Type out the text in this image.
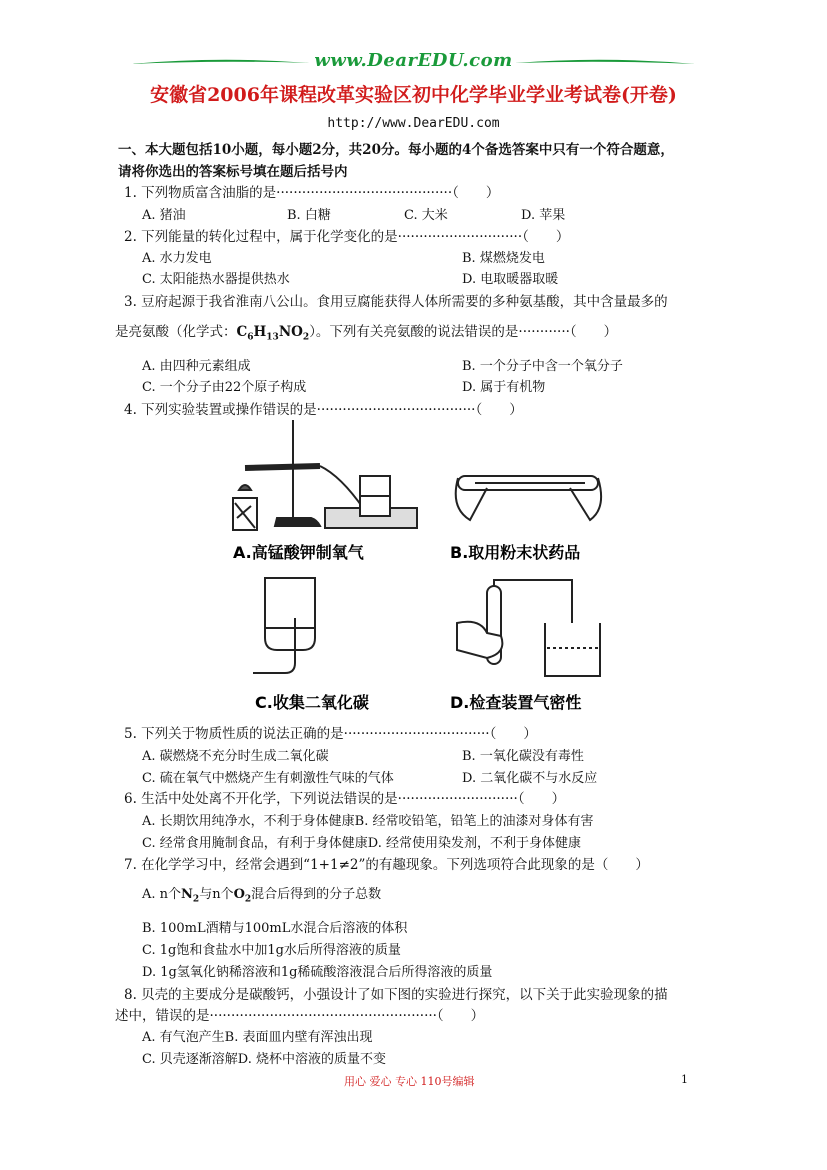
www.DearEDU.com
安徽省2006年课程改革实验区初中化学毕业学业考试卷(开卷)
http://www.DearEDU.com
一、本大题包括10小题，每小题2分，共20分。每小题的4个备选答案中只有一个符合题意，
请将你选出的答案标号填在题后括号内
1. 下列物质富含油脂的是·········································（　　）
A. 猪油	B. 白糖	C. 大米	D. 苹果
2. 下列能量的转化过程中，属于化学变化的是·····························（　　）
A. 水力发电	B. 煤燃烧发电
C. 太阳能热水器提供热水	D. 电取暖器取暖
3. 豆府起源于我省淮南八公山。食用豆腐能获得人体所需要的多种氨基酸，其中含量最多的
是亮氨酸（化学式：$C_6H_{13}NO_2$）。下列有关亮氨酸的说法错误的是············（　　）
A. 由四种元素组成	B. 一个分子中含一个氧分子
C. 一个分子由22个原子构成	D. 属于有机物
4. 下列实验装置或操作错误的是·····································（　　）
A.高锰酸钾制氧气	B.取用粉末状药品
C.收集二氧化碳	D.检查装置气密性
5. 下列关于物质性质的说法正确的是··································（　　）
A. 碳燃烧不充分时生成二氧化碳	B. 一氧化碳没有毒性
C. 硫在氧气中燃烧产生有刺激性气味的气体	D. 二氧化碳不与水反应
6. 生活中处处离不开化学，下列说法错误的是····························（　　）
A. 长期饮用纯净水，不利于身体健康B. 经常咬铅笔，铅笔上的油漆对身体有害
C. 经常食用腌制食品，有利于身体健康D. 经常使用染发剂，不利于身体健康
7. 在化学学习中，经常会遇到“1+1≠2”的有趣现象。下列选项符合此现象的是（　　）
A. n个$N_2$与n个$O_2$混合后得到的分子总数
B. 100mL酒精与100mL水混合后溶液的体积
C. 1g饱和食盐水中加1g水后所得溶液的质量
D. 1g氢氧化钠稀溶液和1g稀硫酸溶液混合后所得溶液的质量
8. 贝壳的主要成分是碳酸钙，小强设计了如下图的实验进行探究，以下关于此实验现象的描
述中，错误的是·····················································（　　）
A. 有气泡产生B. 表面皿内壁有浑浊出现
C. 贝壳逐渐溶解D. 烧杯中溶液的质量不变
用心 爱心 专心 110号编辑	1
